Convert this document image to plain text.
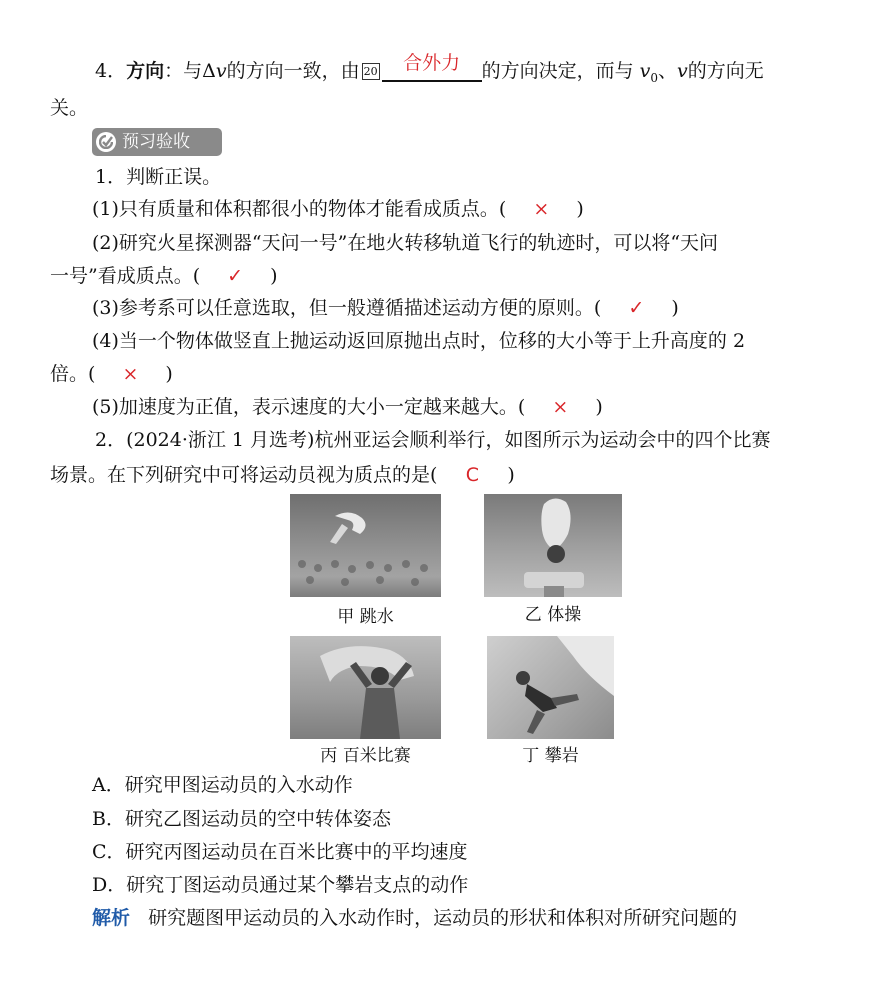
4．方向：与Δv的方向一致，由 20 合外力 的方向决定，而与 $v_0$、v的方向无
关。
预习验收
1．判断正误。
(1)只有质量和体积都很小的物体才能看成质点。( × )
(2)研究火星探测器“天问一号”在地火转移轨道飞行的轨迹时，可以将“天问
一号”看成质点。( ✓ )
(3)参考系可以任意选取，但一般遵循描述运动方便的原则。( ✓ )
(4)当一个物体做竖直上抛运动返回原抛出点时，位移的大小等于上升高度的 2
倍。( × )
(5)加速度为正值，表示速度的大小一定越来越大。( × )
2．(2024·浙江 1 月选考)杭州亚运会顺利举行，如图所示为运动会中的四个比赛
场景。在下列研究中可将运动员视为质点的是( C )
甲 跳水	乙 体操
丙 百米比赛	丁 攀岩
A．研究甲图运动员的入水动作
B．研究乙图运动员的空中转体姿态
C．研究丙图运动员在百米比赛中的平均速度
D．研究丁图运动员通过某个攀岩支点的动作
解析 研究题图甲运动员的入水动作时，运动员的形状和体积对所研究问题的
